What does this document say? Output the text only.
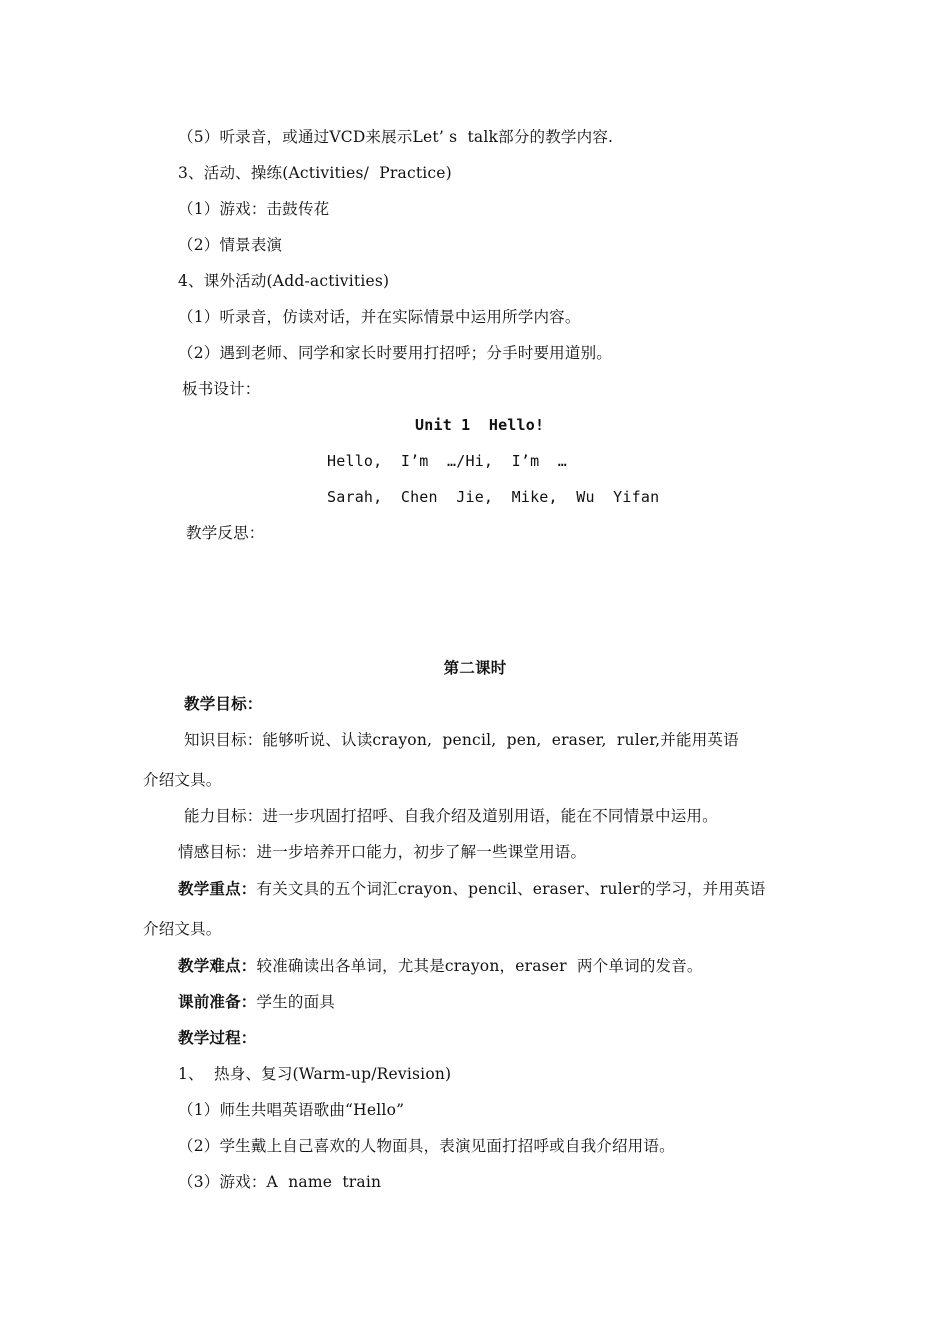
（5）听录音，或通过VCD来展示Let’ s  talk部分的教学内容.
3、活动、操练(Activities/  Practice)
（1）游戏：击鼓传花
（2）情景表演
4、课外活动(Add-activities)
（1）听录音，仿读对话，并在实际情景中运用所学内容。
（2）遇到老师、同学和家长时要用打招呼；分手时要用道别。
板书设计：
Unit 1  Hello!
Hello,  I’m  …/Hi,  I’m  …
Sarah,  Chen  Jie,  Mike,  Wu  Yifan
教学反思：
第二课时
教学目标：
知识目标：能够听说、认读crayon,  pencil,  pen,  eraser,  ruler,并能用英语
介绍文具。
能力目标：进一步巩固打招呼、自我介绍及道别用语，能在不同情景中运用。
情感目标：进一步培养开口能力，初步了解一些课堂用语。
教学重点：有关文具的五个词汇crayon、pencil、eraser、ruler的学习，并用英语
介绍文具。
教学难点：较准确读出各单词，尤其是crayon，eraser  两个单词的发音。
课前准备：学生的面具
教学过程：
1、  热身、复习(Warm-up/Revision)
（1）师生共唱英语歌曲“Hello”
（2）学生戴上自己喜欢的人物面具，表演见面打招呼或自我介绍用语。
（3）游戏：A  name  train
